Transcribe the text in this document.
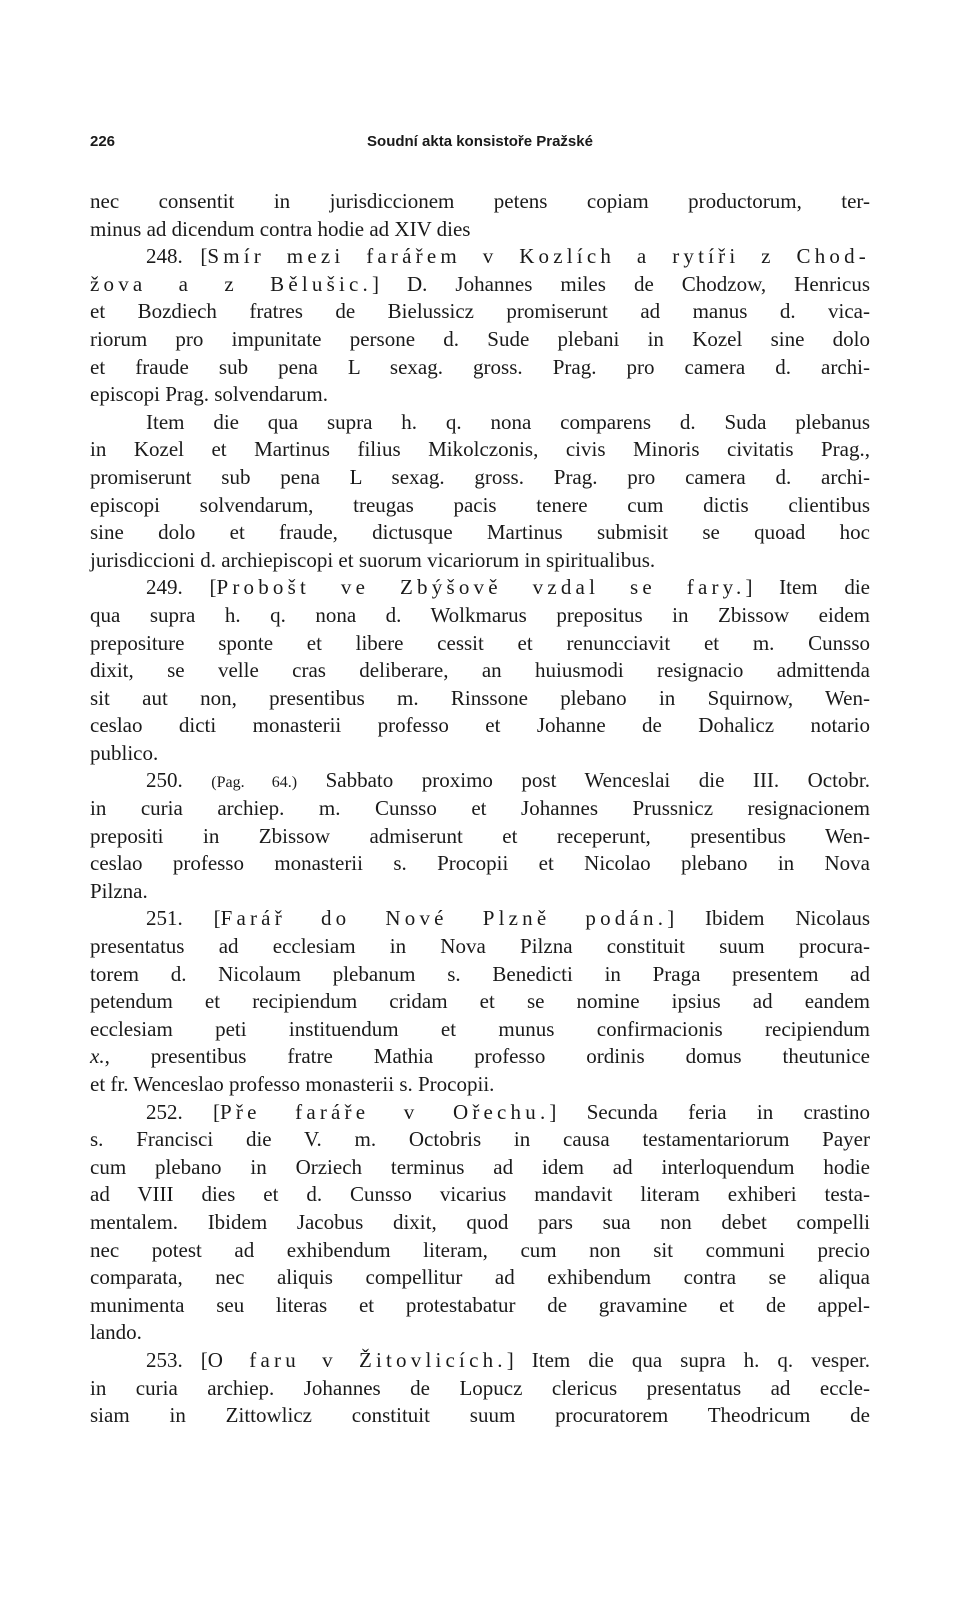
226	Soudní akta konsistoře Pražské
nec consentit in jurisdiccionem petens copiam productorum, ter-
minus ad dicendum contra hodie ad XIV dies
248. [Smír mezi farářem v Kozlích a rytíři z Chod-
žova a z Bělušic.] D. Johannes miles de Chodzow, Henricus
et Bozdiech fratres de Bielussicz promiserunt ad manus d. vica-
riorum pro impunitate persone d. Sude plebani in Kozel sine dolo
et fraude sub pena L sexag. gross. Prag. pro camera d. archi-
episcopi Prag. solvendarum.
Item die qua supra h. q. nona comparens d. Suda plebanus
in Kozel et Martinus filius Mikolczonis, civis Minoris civitatis Prag.,
promiserunt sub pena L sexag. gross. Prag. pro camera d. archi-
episcopi solvendarum, treugas pacis tenere cum dictis clientibus
sine dolo et fraude, dictusque Martinus submisit se quoad hoc
jurisdiccioni d. archiepiscopi et suorum vicariorum in spiritualibus.
249. [Probošt ve Zbýšově vzdal se fary.] Item die
qua supra h. q. nona d. Wolkmarus prepositus in Zbissow eidem
prepositure sponte et libere cessit et renuncciavit et m. Cunsso
dixit, se velle cras deliberare, an huiusmodi resignacio admittenda
sit aut non, presentibus m. Rinssone plebano in Squirnow, Wen-
ceslao dicti monasterii professo et Johanne de Dohalicz notario
publico.
250. (Pag. 64.) Sabbato proximo post Wenceslai die III. Octobr.
in curia archiep. m. Cunsso et Johannes Prussnicz resignacionem
prepositi in Zbissow admiserunt et receperunt, presentibus Wen-
ceslao professo monasterii s. Procopii et Nicolao plebano in Nova
Pilzna.
251. [Farář do Nové Plzně podán.] Ibidem Nicolaus
presentatus ad ecclesiam in Nova Pilzna constituit suum procura-
torem d. Nicolaum plebanum s. Benedicti in Praga presentem ad
petendum et recipiendum cridam et se nomine ipsius ad eandem
ecclesiam peti instituendum et munus confirmacionis recipiendum
x., presentibus fratre Mathia professo ordinis domus theutunice
et fr. Wenceslao professo monasterii s. Procopii.
252. [Pře faráře v Ořechu.] Secunda feria in crastino
s. Francisci die V. m. Octobris in causa testamentariorum Payer
cum plebano in Orziech terminus ad idem ad interloquendum hodie
ad VIII dies et d. Cunsso vicarius mandavit literam exhiberi testa-
mentalem. Ibidem Jacobus dixit, quod pars sua non debet compelli
nec potest ad exhibendum literam, cum non sit communi precio
comparata, nec aliquis compellitur ad exhibendum contra se aliqua
munimenta seu literas et protestabatur de gravamine et de appel-
lando.
253. [O faru v Žitovlicích.] Item die qua supra h. q. vesper.
in curia archiep. Johannes de Lopucz clericus presentatus ad eccle-
siam in Zittowlicz constituit suum procuratorem Theodricum de
